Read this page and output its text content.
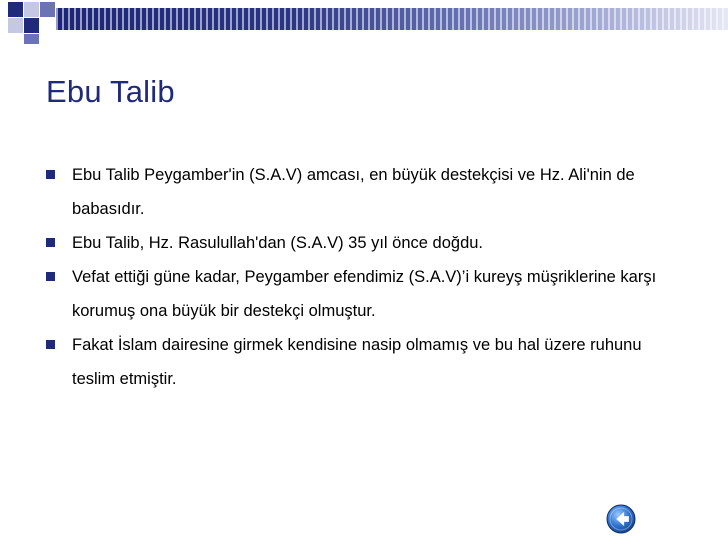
Ebu Talib
Ebu Talib Peygamber'in (S.A.V) amcası, en büyük destekçisi ve Hz. Ali'nin de babasıdır.
Ebu Talib, Hz. Rasulullah'dan (S.A.V) 35 yıl önce doğdu.
Vefat ettiği güne kadar, Peygamber efendimiz (S.A.V)’i kureyş müşriklerine karşı korumuş ona büyük bir destekçi olmuştur.
Fakat İslam dairesine girmek kendisine nasip olmamış ve bu hal üzere ruhunu teslim etmiştir.
